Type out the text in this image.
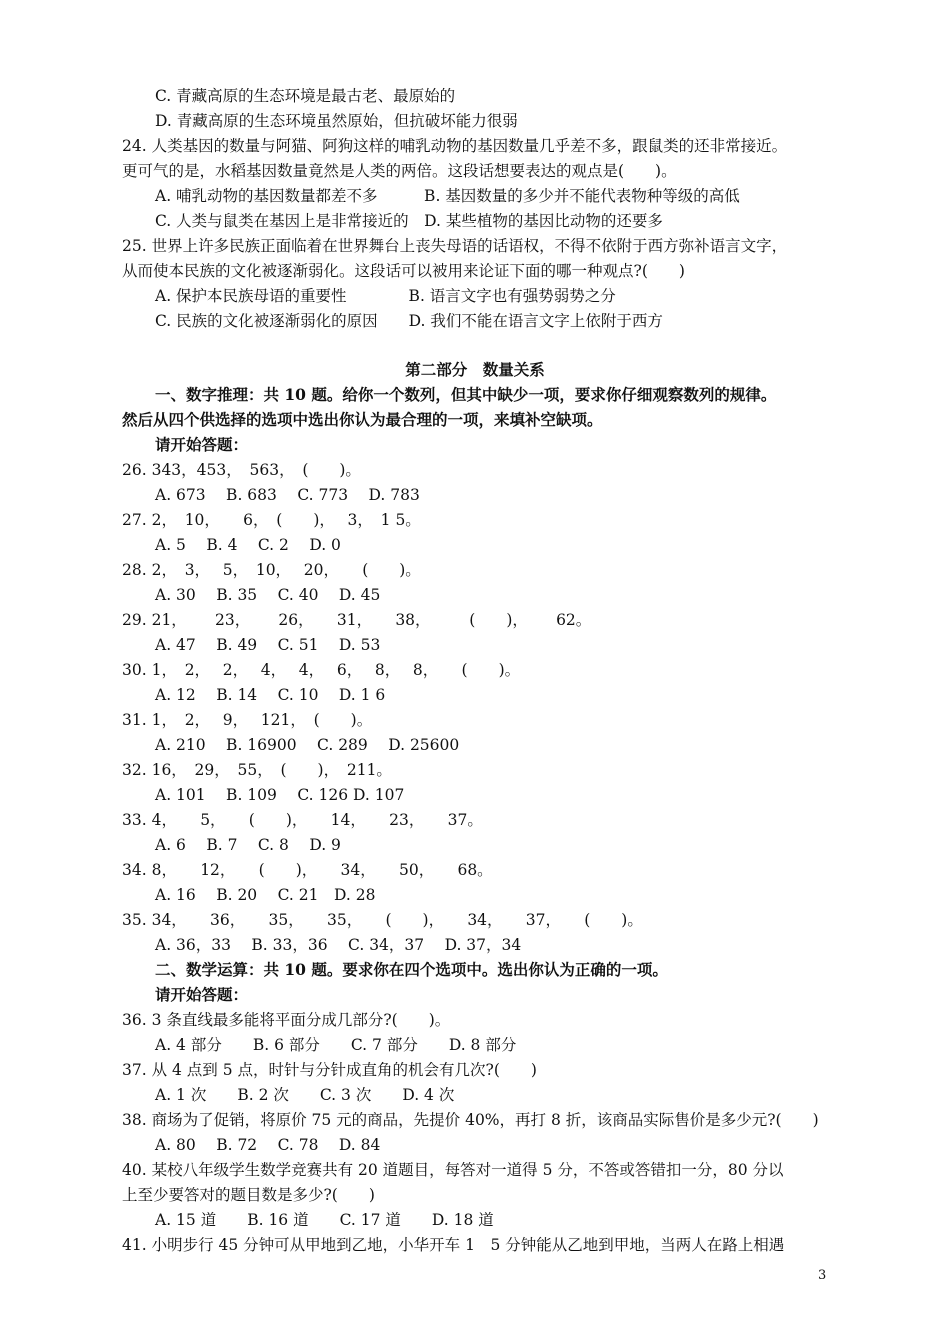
C. 青藏高原的生态环境是最古老、最原始的
D. 青藏高原的生态环境虽然原始，但抗破坏能力很弱
24. 人类基因的数量与阿猫、阿狗这样的哺乳动物的基因数量几乎差不多，跟鼠类的还非常接近。
更可气的是，水稻基因数量竟然是人类的两倍。这段话想要表达的观点是(　　)。
A. 哺乳动物的基因数量都差不多　　　B. 基因数量的多少并不能代表物种等级的高低
C. 人类与鼠类在基因上是非常接近的　D. 某些植物的基因比动物的还要多
25. 世界上许多民族正面临着在世界舞台上丧失母语的话语权，不得不依附于西方弥补语言文字，
从而使本民族的文化被逐渐弱化。这段话可以被用来论证下面的哪一种观点?(　　)
A. 保护本民族母语的重要性　　　　B. 语言文字也有强势弱势之分
C. 民族的文化被逐渐弱化的原因　　D. 我们不能在语言文字上依附于西方
第二部分　数量关系
一、数字推理：共 10 题。给你一个数列，但其中缺少一项，要求你仔细观察数列的规律。
然后从四个供选择的选项中选出你认为最合理的一项，来填补空缺项。
请开始答题：
26. 343，453，　563，　(　　)。
A. 673　 B. 683　 C. 773　 D. 783
27. 2，　10，　　6，　(　　)，　 3，　1 5。
A. 5　 B. 4　 C. 2　 D. 0
28. 2，　3，　 5，　10，　 20，　　(　　)。
A. 30　 B. 35　 C. 40　 D. 45
29. 21，　　 23，　　 26，　　31，　　38，　　　(　　)，　　 62。
A. 47　 B. 49　 C. 51　 D. 53
30. 1，　2，　 2，　 4，　 4，　 6，　 8，　 8，　　(　　)。
A. 12　 B. 14　 C. 10　 D. 1 6
31. 1，　2，　 9，　 121，　(　　)。
A. 210　 B. 16900　 C. 289　 D. 25600
32. 16，　29，　55，　(　　)，　211。
A. 101　 B. 109　 C. 126 D. 107
33. 4，　　5，　　(　　)，　　14，　　23，　　37。
A. 6　 B. 7　 C. 8　 D. 9
34. 8，　　12，　　(　　)，　　34，　　50，　　68。
A. 16　 B. 20　 C. 21　D. 28
35. 34，　　36，　　35，　　35，　　(　　)，　　34，　　37，　　(　　)。
A. 36，33　 B. 33，36　 C. 34，37　 D. 37，34
二、数学运算：共 10 题。要求你在四个选项中。选出你认为正确的一项。
请开始答题：
36. 3 条直线最多能将平面分成几部分?(　　)。
A. 4 部分　　B. 6 部分　　C. 7 部分　　D. 8 部分
37. 从 4 点到 5 点，时针与分针成直角的机会有几次?(　　)
A. 1 次　　B. 2 次　　C. 3 次　　D. 4 次
38. 商场为了促销，将原价 75 元的商品，先提价 40%，再打 8 折，该商品实际售价是多少元?(　　)
A. 80　 B. 72　 C. 78　 D. 84
40. 某校八年级学生数学竞赛共有 20 道题目，每答对一道得 5 分，不答或答错扣一分，80 分以
上至少要答对的题目数是多少?(　　)
A. 15 道　　B. 16 道　　C. 17 道　　D. 18 道
41. 小明步行 45 分钟可从甲地到乙地，小华开车 1　5 分钟能从乙地到甲地，当两人在路上相遇
3
